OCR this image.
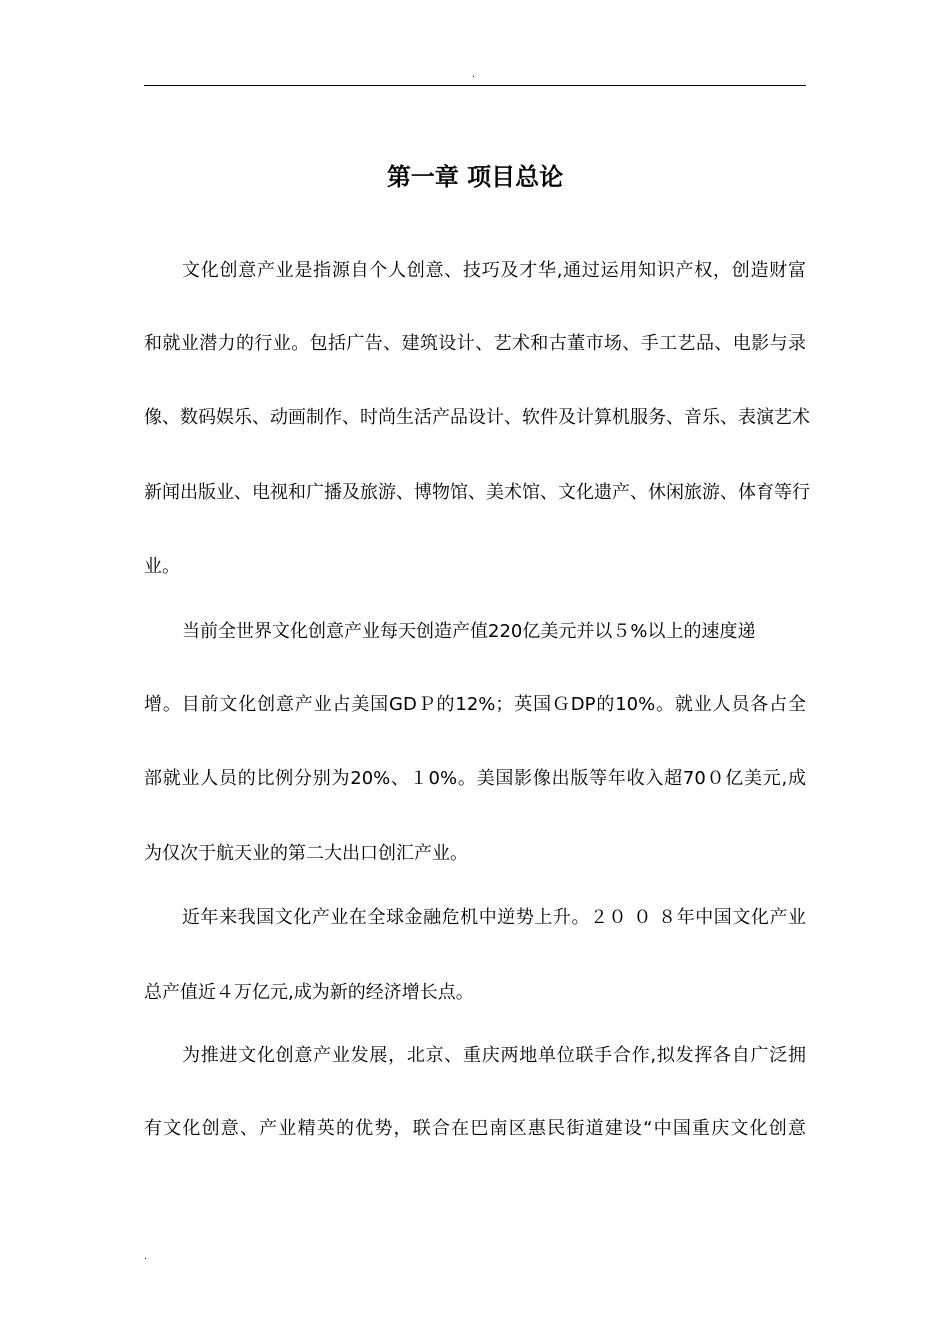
.
第一章 项目总论

文化创意产业是指源自个人创意、技巧及才华,通过运用知识产权，创造财富

和就业潜力的行业。包括广告、建筑设计、艺术和古董市场、手工艺品、电影与录

像、数码娱乐、动画制作、时尚生活产品设计、软件及计算机服务、音乐、表演艺术

新闻出版业、电视和广播及旅游、博物馆、美术馆、文化遗产、休闲旅游、体育等行

业。

当前全世界文化创意产业每天创造产值220亿美元并以５%以上的速度递

增。目前文化创意产业占美国GDＰ的12%；英国ＧDP的10%。就业人员各占全

部就业人员的比例分别为20%、１0%。美国影像出版等年收入超70０亿美元,成

为仅次于航天业的第二大出口创汇产业。

近年来我国文化产业在全球金融危机中逆势上升。２０ ０ ８年中国文化产业

总产值近４万亿元,成为新的经济增长点。

为推进文化创意产业发展，北京、重庆两地单位联手合作,拟发挥各自广泛拥

有文化创意、产业精英的优势，联合在巴南区惠民街道建设“中国重庆文化创意

.
